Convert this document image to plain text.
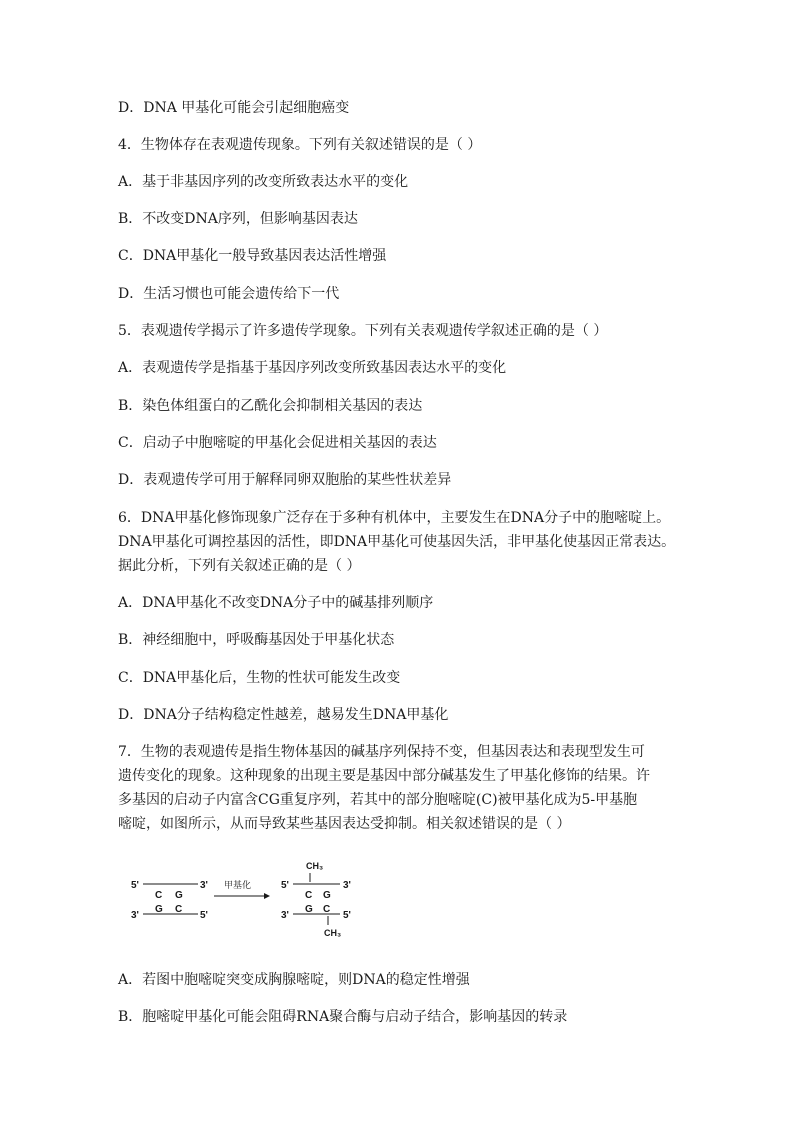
D．DNA 甲基化可能会引起细胞癌变
4．生物体存在表观遗传现象。下列有关叙述错误的是（ ）
A．基于非基因序列的改变所致表达水平的变化
B．不改变DNA序列，但影响基因表达
C．DNA甲基化一般导致基因表达活性增强
D．生活习惯也可能会遗传给下一代
5．表观遗传学揭示了许多遗传学现象。下列有关表观遗传学叙述正确的是（ ）
A．表观遗传学是指基于基因序列改变所致基因表达水平的变化
B．染色体组蛋白的乙酰化会抑制相关基因的表达
C．启动子中胞嘧啶的甲基化会促进相关基因的表达
D．表观遗传学可用于解释同卵双胞胎的某些性状差异
6．DNA甲基化修饰现象广泛存在于多种有机体中，主要发生在DNA分子中的胞嘧啶上。
DNA甲基化可调控基因的活性，即DNA甲基化可使基因失活，非甲基化使基因正常表达。
据此分析，下列有关叙述正确的是（ ）
A．DNA甲基化不改变DNA分子中的碱基排列顺序
B．神经细胞中，呼吸酶基因处于甲基化状态
C．DNA甲基化后，生物的性状可能发生改变
D．DNA分子结构稳定性越差，越易发生DNA甲基化
7．生物的表观遗传是指生物体基因的碱基序列保持不变，但基因表达和表现型发生可
遗传变化的现象。这种现象的出现主要是基因中部分碱基发生了甲基化修饰的结果。许
多基因的启动子内富含CG重复序列，若其中的部分胞嘧啶(C)被甲基化成为5-甲基胞
嘧啶，如图所示，从而导致某些基因表达受抑制。相关叙述错误的是（ ）
5'	3'
C G
G C
3'	5'
甲基化
CH₃
5'	3'
C G
G C
3'	5'
CH₃
A．若图中胞嘧啶突变成胸腺嘧啶，则DNA的稳定性增强
B．胞嘧啶甲基化可能会阻碍RNA聚合酶与启动子结合，影响基因的转录
